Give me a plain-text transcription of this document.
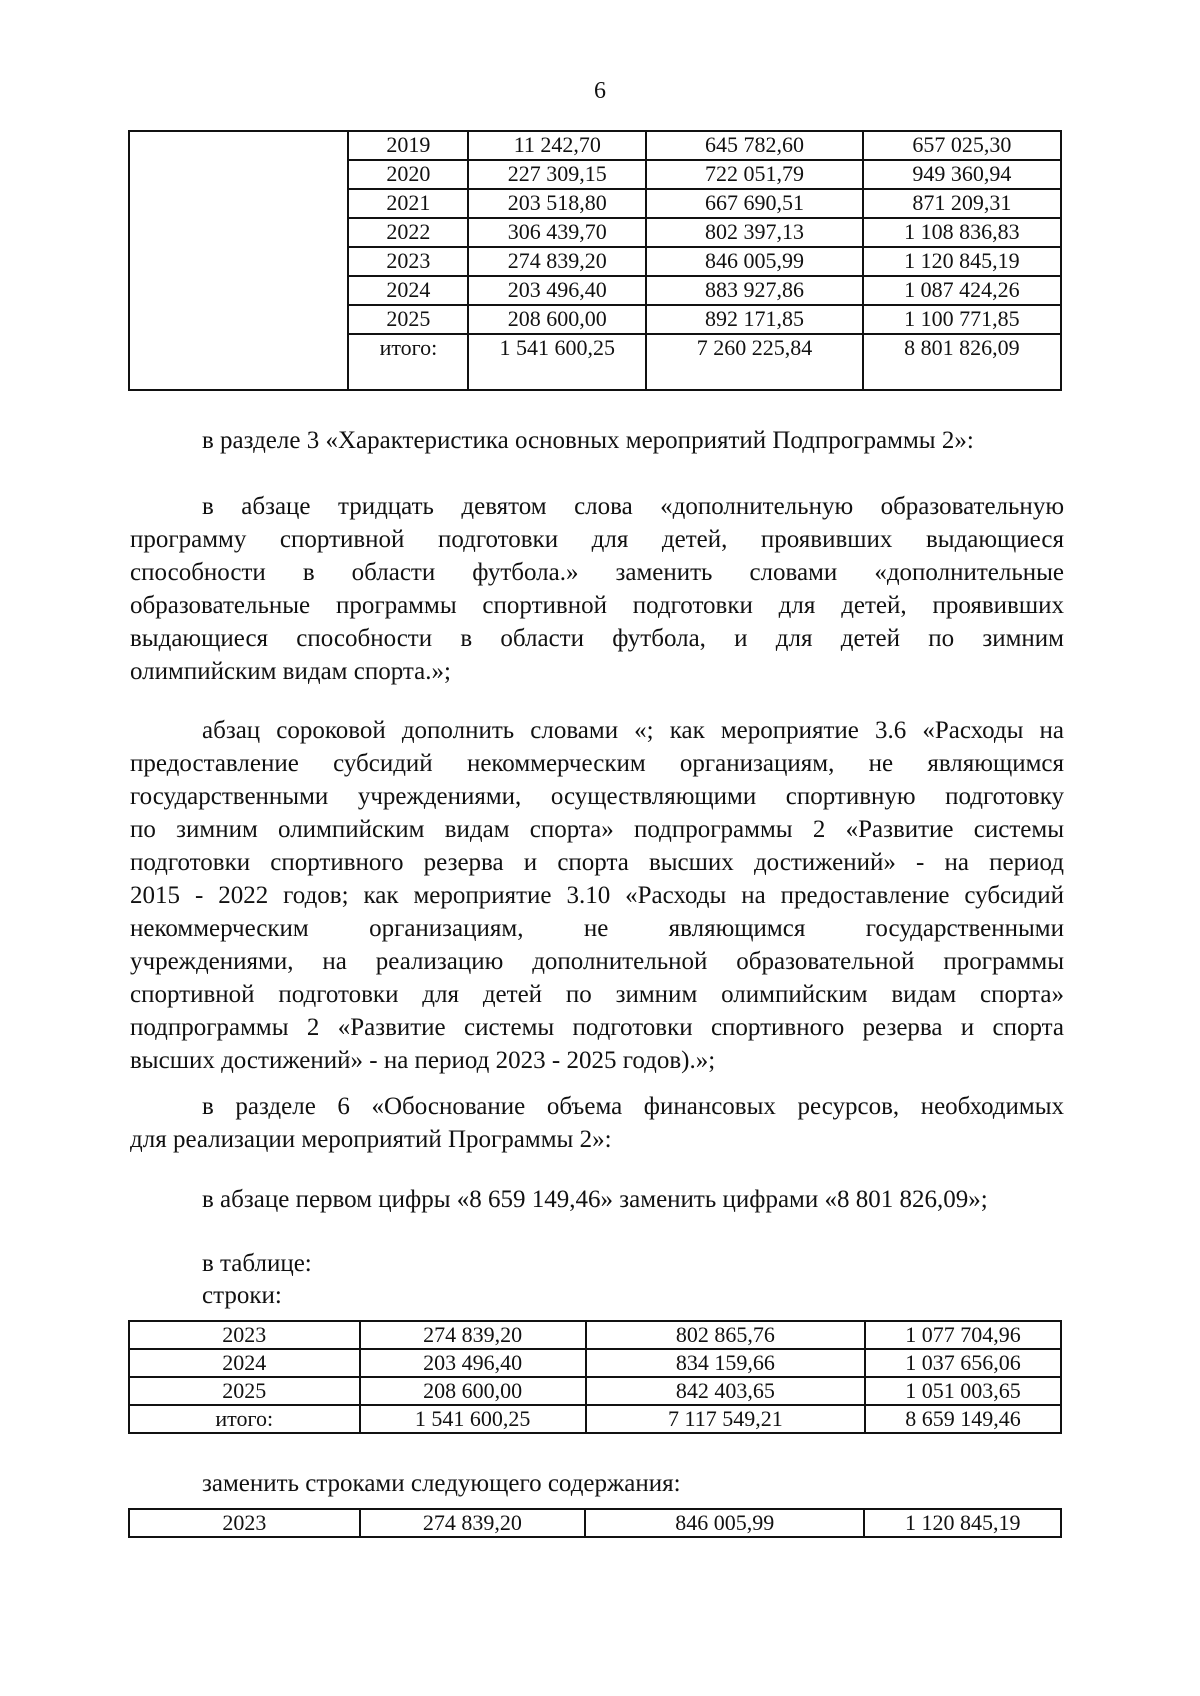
6
	2019	11 242,70	645 782,60	657 025,30
	2020	227 309,15	722 051,79	949 360,94
	2021	203 518,80	667 690,51	871 209,31
	2022	306 439,70	802 397,13	1 108 836,83
	2023	274 839,20	846 005,99	1 120 845,19
	2024	203 496,40	883 927,86	1 087 424,26
	2025	208 600,00	892 171,85	1 100 771,85
	итого:	1 541 600,25	7 260 225,84	8 801 826,09

в разделе 3 «Характеристика основных мероприятий Подпрограммы 2»:

в абзаце тридцать девятом слова «дополнительную образовательную
программу спортивной подготовки для детей, проявивших выдающиеся
способности в области футбола.» заменить словами «дополнительные
образовательные программы спортивной подготовки для детей, проявивших
выдающиеся способности в области футбола, и для детей по зимним
олимпийским видам спорта.»;

абзац сороковой дополнить словами «; как мероприятие 3.6 «Расходы на
предоставление субсидий некоммерческим организациям, не являющимся
государственными учреждениями, осуществляющими спортивную подготовку
по зимним олимпийским видам спорта» подпрограммы 2 «Развитие системы
подготовки спортивного резерва и спорта высших достижений» - на период
2015 - 2022 годов; как мероприятие 3.10 «Расходы на предоставление субсидий
некоммерческим организациям, не являющимся государственными
учреждениями, на реализацию дополнительной образовательной программы
спортивной подготовки для детей по зимним олимпийским видам спорта»
подпрограммы 2 «Развитие системы подготовки спортивного резерва и спорта
высших достижений» - на период 2023 - 2025 годов).»;

в разделе 6 «Обоснование объема финансовых ресурсов, необходимых
для реализации мероприятий Программы 2»:

в абзаце первом цифры «8 659 149,46» заменить цифрами «8 801 826,09»;

в таблице:

строки:

2023	274 839,20	802 865,76	1 077 704,96
2024	203 496,40	834 159,66	1 037 656,06
2025	208 600,00	842 403,65	1 051 003,65
итого:	1 541 600,25	7 117 549,21	8 659 149,46

заменить строками следующего содержания:

2023	274 839,20	846 005,99	1 120 845,19
